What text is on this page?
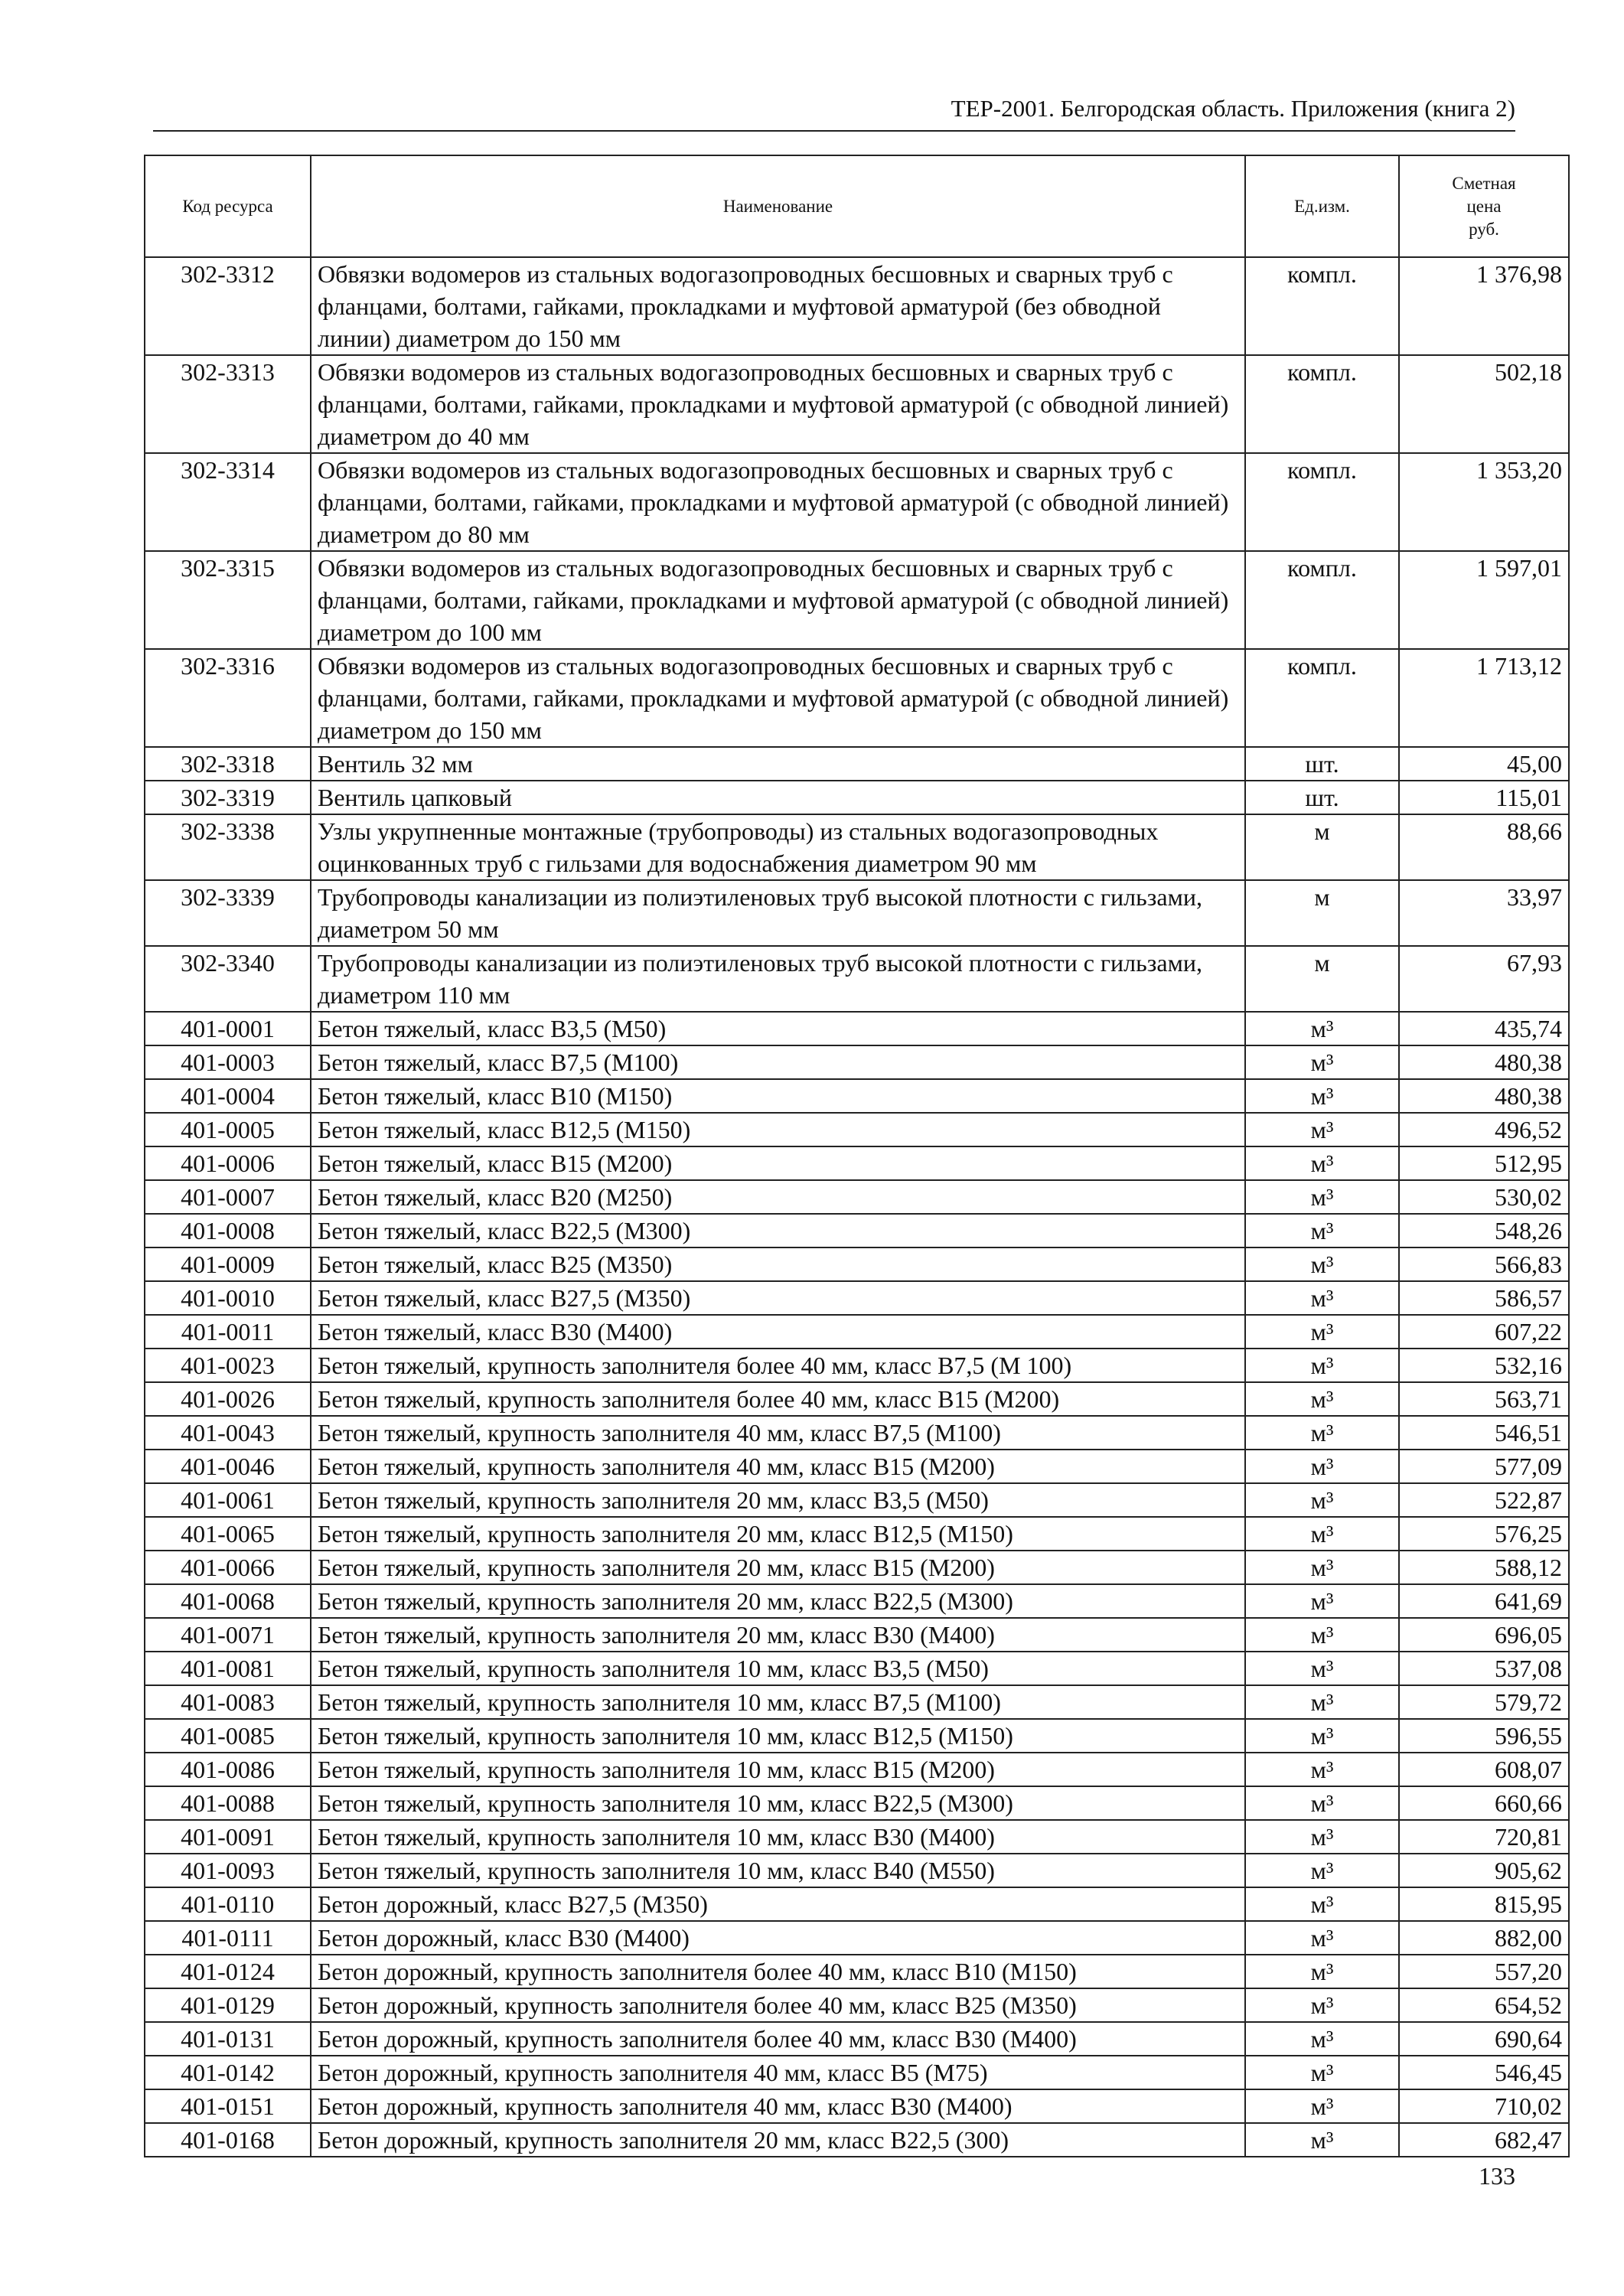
ТЕР-2001. Белгородская область. Приложения (книга 2)
Код ресурса	Наименование	Ед.изм.	Сметная
цена
руб.

302-3312	Обвязки водомеров из стальных водогазопроводных бесшовных и сварных труб с фланцами, болтами, гайками, прокладками и муфтовой арматурой (без обводной линии) диаметром до 150 мм	компл.	1 376,98
302-3313	Обвязки водомеров из стальных водогазопроводных бесшовных и сварных труб с фланцами, болтами, гайками, прокладками и муфтовой арматурой (с обводной линией) диаметром до 40 мм	компл.	502,18
302-3314	Обвязки водомеров из стальных водогазопроводных бесшовных и сварных труб с фланцами, болтами, гайками, прокладками и муфтовой арматурой (с обводной линией) диаметром до 80 мм	компл.	1 353,20
302-3315	Обвязки водомеров из стальных водогазопроводных бесшовных и сварных труб с фланцами, болтами, гайками, прокладками и муфтовой арматурой (с обводной линией) диаметром до 100 мм	компл.	1 597,01
302-3316	Обвязки водомеров из стальных водогазопроводных бесшовных и сварных труб с фланцами, болтами, гайками, прокладками и муфтовой арматурой (с обводной линией) диаметром до 150 мм	компл.	1 713,12
302-3318	Вентиль 32 мм	шт.	45,00
302-3319	Вентиль цапковый	шт.	115,01
302-3338	Узлы укрупненные монтажные (трубопроводы) из стальных водогазопроводных оцинкованных труб с гильзами для водоснабжения диаметром 90 мм	м	88,66
302-3339	Трубопроводы канализации из полиэтиленовых труб высокой плотности с гильзами, диаметром 50 мм	м	33,97
302-3340	Трубопроводы канализации из полиэтиленовых труб высокой плотности с гильзами, диаметром 110 мм	м	67,93
401-0001	Бетон тяжелый, класс В3,5 (М50)	м³	435,74
401-0003	Бетон тяжелый, класс В7,5 (М100)	м³	480,38
401-0004	Бетон тяжелый, класс В10 (М150)	м³	480,38
401-0005	Бетон тяжелый, класс В12,5 (М150)	м³	496,52
401-0006	Бетон тяжелый, класс В15 (М200)	м³	512,95
401-0007	Бетон тяжелый, класс В20 (М250)	м³	530,02
401-0008	Бетон тяжелый, класс В22,5 (М300)	м³	548,26
401-0009	Бетон тяжелый, класс В25 (М350)	м³	566,83
401-0010	Бетон тяжелый, класс В27,5 (М350)	м³	586,57
401-0011	Бетон тяжелый, класс В30 (М400)	м³	607,22
401-0023	Бетон тяжелый, крупность заполнителя более 40 мм, класс В7,5 (М 100)	м³	532,16
401-0026	Бетон тяжелый, крупность заполнителя более 40 мм, класс В15 (М200)	м³	563,71
401-0043	Бетон тяжелый, крупность заполнителя 40 мм, класс В7,5 (М100)	м³	546,51
401-0046	Бетон тяжелый, крупность заполнителя 40 мм, класс В15 (М200)	м³	577,09
401-0061	Бетон тяжелый, крупность заполнителя 20 мм, класс В3,5 (М50)	м³	522,87
401-0065	Бетон тяжелый, крупность заполнителя 20 мм, класс В12,5 (М150)	м³	576,25
401-0066	Бетон тяжелый, крупность заполнителя 20 мм, класс В15 (М200)	м³	588,12
401-0068	Бетон тяжелый, крупность заполнителя 20 мм, класс В22,5 (М300)	м³	641,69
401-0071	Бетон тяжелый, крупность заполнителя 20 мм, класс В30 (М400)	м³	696,05
401-0081	Бетон тяжелый, крупность заполнителя 10 мм, класс В3,5 (М50)	м³	537,08
401-0083	Бетон тяжелый, крупность заполнителя 10 мм, класс В7,5 (М100)	м³	579,72
401-0085	Бетон тяжелый, крупность заполнителя 10 мм, класс В12,5 (М150)	м³	596,55
401-0086	Бетон тяжелый, крупность заполнителя 10 мм, класс В15 (М200)	м³	608,07
401-0088	Бетон тяжелый, крупность заполнителя 10 мм, класс В22,5 (М300)	м³	660,66
401-0091	Бетон тяжелый, крупность заполнителя 10 мм, класс В30 (М400)	м³	720,81
401-0093	Бетон тяжелый, крупность заполнителя 10 мм, класс В40 (М550)	м³	905,62
401-0110	Бетон дорожный, класс В27,5 (М350)	м³	815,95
401-0111	Бетон дорожный, класс В30 (М400)	м³	882,00
401-0124	Бетон дорожный, крупность заполнителя более 40 мм, класс В10 (М150)	м³	557,20
401-0129	Бетон дорожный, крупность заполнителя более 40 мм, класс В25 (М350)	м³	654,52
401-0131	Бетон дорожный, крупность заполнителя более 40 мм, класс В30 (М400)	м³	690,64
401-0142	Бетон дорожный, крупность заполнителя 40 мм, класс В5 (М75)	м³	546,45
401-0151	Бетон дорожный, крупность заполнителя 40 мм, класс В30 (М400)	м³	710,02
401-0168	Бетон дорожный, крупность заполнителя 20 мм, класс В22,5 (300)	м³	682,47
133
